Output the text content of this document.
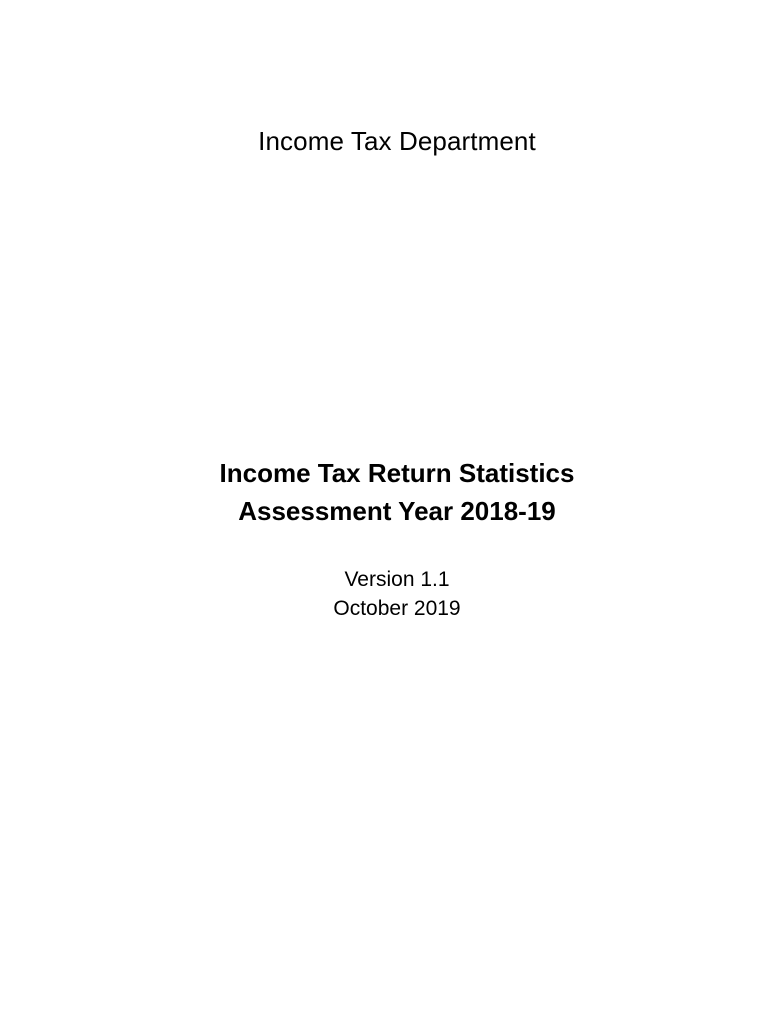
Income Tax Department
Income Tax Return Statistics
Assessment Year 2018-19
Version 1.1
October 2019
